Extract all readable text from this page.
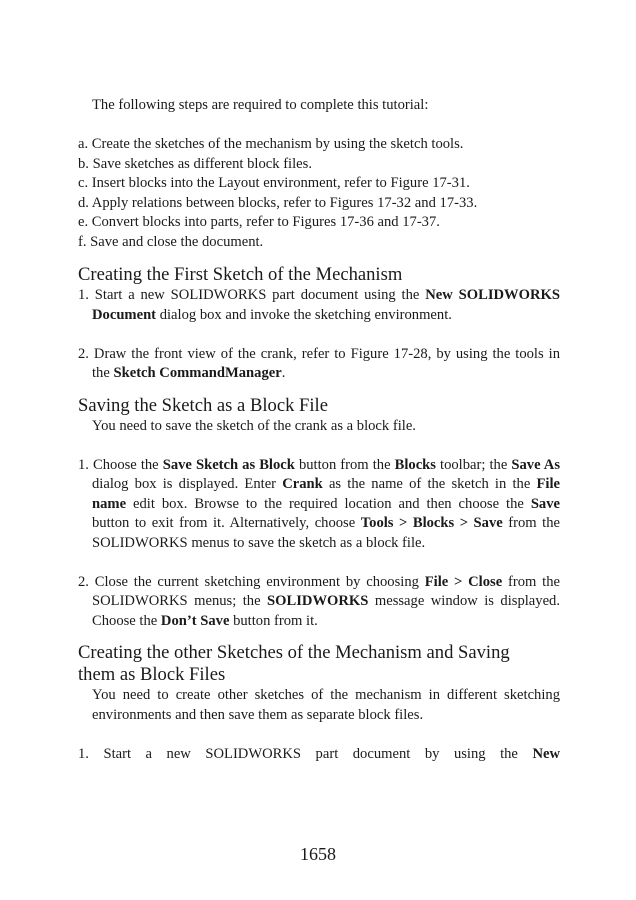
The following steps are required to complete this tutorial:

a. Create the sketches of the mechanism by using the sketch tools.

b. Save sketches as different block files.

c. Insert blocks into the Layout environment, refer to Figure 17-31.

d. Apply relations between blocks, refer to Figures 17-32 and 17-33.

e. Convert blocks into parts, refer to Figures 17-36 and 17-37.

f. Save and close the document.

Creating the First Sketch of the Mechanism

1. Start a new SOLIDWORKS part document using the New SOLIDWORKS Document dialog box and invoke the sketching environment.

2. Draw the front view of the crank, refer to Figure 17-28, by using the tools in the Sketch CommandManager.

Saving the Sketch as a Block File

You need to save the sketch of the crank as a block file.

1. Choose the Save Sketch as Block button from the Blocks toolbar; the Save As dialog box is displayed. Enter Crank as the name of the sketch in the File name edit box. Browse to the required location and then choose the Save button to exit from it. Alternatively, choose Tools > Blocks > Save from the SOLIDWORKS menus to save the sketch as a block file.

2. Close the current sketching environment by choosing File > Close from the SOLIDWORKS menus; the SOLIDWORKS message window is displayed. Choose the Don’t Save button from it.

Creating the other Sketches of the Mechanism and Saving
them as Block Files

You need to create other sketches of the mechanism in different sketching environments and then save them as separate block files.

1. Start a new SOLIDWORKS part document by using the New

1658
